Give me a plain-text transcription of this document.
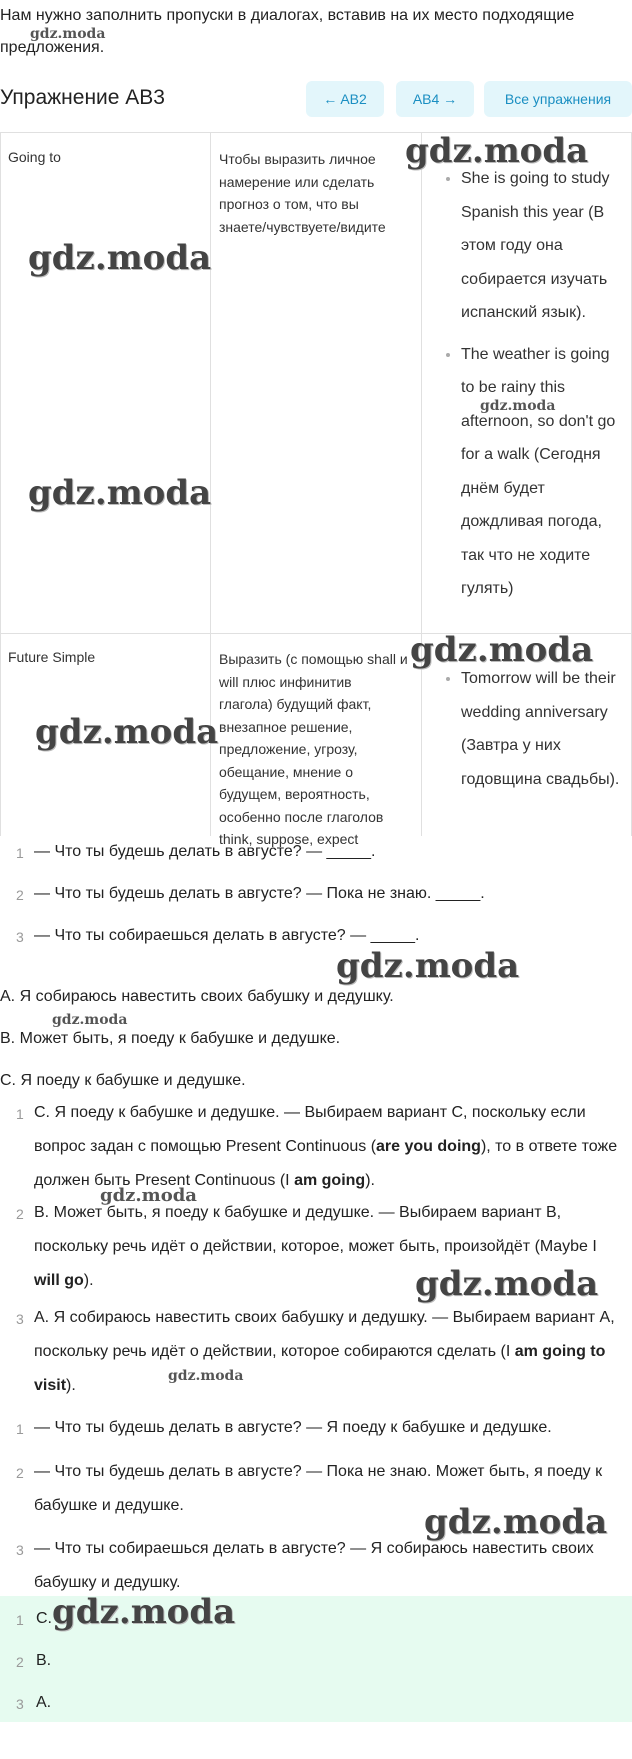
Нам нужно заполнить пропуски в диалогах, вставив на их место подходящие
предложения.
Упражнение AB3	← AB2	AB4 →	Все упражнения
Going to	Чтобы выразить личное намерение или сделать прогноз о том, что вы знаете/чувствуете/видите
• She is going to study Spanish this year (В этом году она собирается изучать испанский язык).
• The weather is going to be rainy this afternoon, so don't go for a walk (Сегодня днём будет дождливая погода, так что не ходите гулять)
Future Simple	Выразить (с помощью shall и will плюс инфинитив глагола) будущий факт, внезапное решение, предложение, угрозу, обещание, мнение о будущем, вероятность, особенно после глаголов think, suppose, expect
• Tomorrow will be their wedding anniversary (Завтра у них годовщина свадьбы).
1 — Что ты будешь делать в августе? — _____.
2 — Что ты будешь делать в августе? — Пока не знаю. _____.
3 — Что ты собираешься делать в августе? — _____.
A. Я собираюсь навестить своих бабушку и дедушку.
B. Может быть, я поеду к бабушке и дедушке.
C. Я поеду к бабушке и дедушке.
1 C. Я поеду к бабушке и дедушке. — Выбираем вариант C, поскольку если вопрос задан с помощью Present Continuous (are you doing), то в ответе тоже должен быть Present Continuous (I am going).
2 B. Может быть, я поеду к бабушке и дедушке. — Выбираем вариант B, поскольку речь идёт о действии, которое, может быть, произойдёт (Maybe I will go).
3 A. Я собираюсь навестить своих бабушку и дедушку. — Выбираем вариант A, поскольку речь идёт о действии, которое собираются сделать (I am going to visit).
1 — Что ты будешь делать в августе? — Я поеду к бабушке и дедушке.
2 — Что ты будешь делать в августе? — Пока не знаю. Может быть, я поеду к бабушке и дедушке.
3 — Что ты собираешься делать в августе? — Я собираюсь навестить своих бабушку и дедушку.
1 C.
2 B.
3 A.
gdz.moda
gdz.moda
gdz.moda
gdz.moda
gdz.moda
gdz.moda
gdz.moda
gdz.moda
gdz.moda
gdz.moda
gdz.moda
gdz.moda
gdz.moda
gdz.moda
